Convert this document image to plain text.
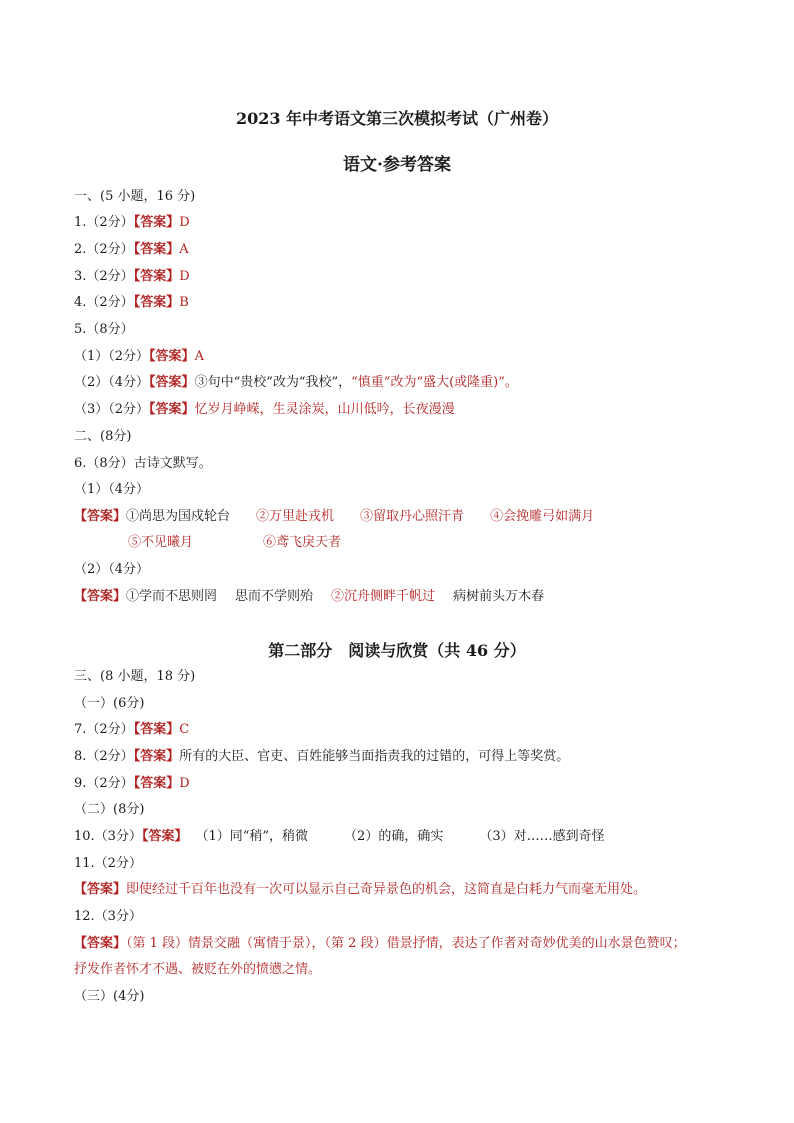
2023 年中考语文第三次模拟考试（广州卷）
语文·参考答案
一、(5 小题，16 分)
1.（2分）【答案】D
2.（2分）【答案】A
3.（2分）【答案】D
4.（2分）【答案】B
5.（8分）
（1）（2分）【答案】A
（2）（4分）【答案】③句中“贵校”改为“我校”，“慎重”改为“盛大(或隆重)”。
（3）（2分）【答案】忆岁月峥嵘，生灵涂炭，山川低吟，长夜漫漫
二、(8分)
6.（8分）古诗文默写。
（1）（4分）
【答案】①尚思为国戍轮台 ②万里赴戎机 ③留取丹心照汗青 ④会挽雕弓如满月
⑤不见曦月	⑥鸢飞戾天者
（2）（4分）
【答案】①学而不思则罔 思而不学则殆 ②沉舟侧畔千帆过 病树前头万木春
第二部分　阅读与欣赏（共 46 分）
三、(8 小题，18 分)
（一）(6分)
7.（2分）【答案】C
8.（2分）【答案】所有的大臣、官吏、百姓能够当面指责我的过错的，可得上等奖赏。
9.（2分）【答案】D
（二）(8分)
10.（3分）【答案】 （1）同“稍”，稍微	（2）的确，确实	（3）对……感到奇怪
11.（2分）
【答案】即使经过千百年也没有一次可以显示自己奇异景色的机会，这简直是白耗力气而毫无用处。
12.（3分）
【答案】（第 1 段）情景交融（寓情于景），（第 2 段）借景抒情，表达了作者对奇妙优美的山水景色赞叹；
抒发作者怀才不遇、被贬在外的愤懑之情。
（三）(4分)
